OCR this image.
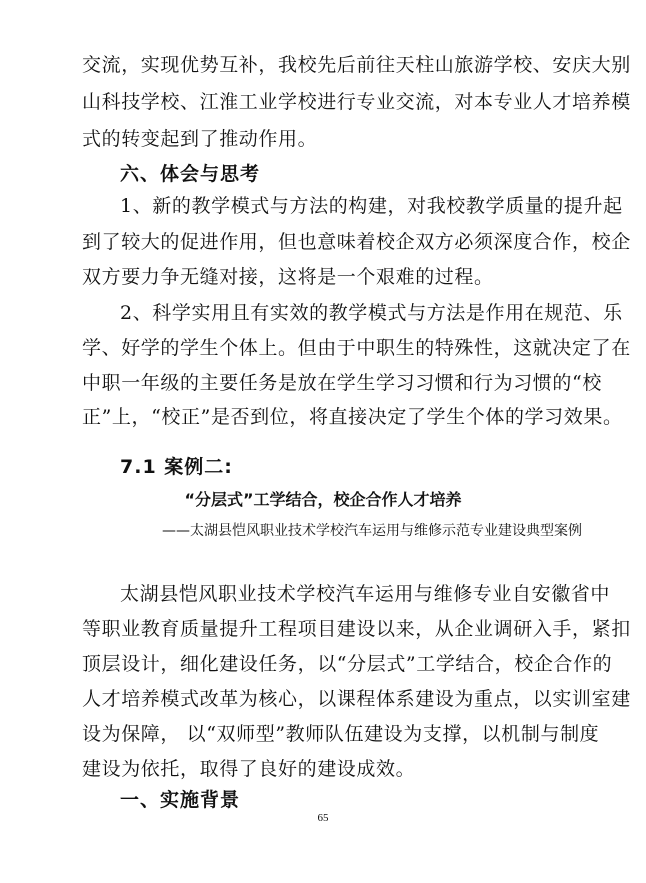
交流，实现优势互补，我校先后前往天柱山旅游学校、安庆大别
山科技学校、江淮工业学校进行专业交流，对本专业人才培养模
式的转变起到了推动作用。
六、体会与思考
1、新的教学模式与方法的构建，对我校教学质量的提升起
到了较大的促进作用，但也意味着校企双方必须深度合作，校企
双方要力争无缝对接，这将是一个艰难的过程。
2、科学实用且有实效的教学模式与方法是作用在规范、乐
学、好学的学生个体上。但由于中职生的特殊性，这就决定了在
中职一年级的主要任务是放在学生学习习惯和行为习惯的“校
正”上，“校正”是否到位，将直接决定了学生个体的学习效果。
7.1 案例二:
“分层式”工学结合，校企合作人才培养
——太湖县恺风职业技术学校汽车运用与维修示范专业建设典型案例
太湖县恺风职业技术学校汽车运用与维修专业自安徽省中
等职业教育质量提升工程项目建设以来，从企业调研入手，紧扣
顶层设计，细化建设任务，以“分层式”工学结合，校企合作的
人才培养模式改革为核心，以课程体系建设为重点，以实训室建
设为保障， 以“双师型”教师队伍建设为支撑，以机制与制度
建设为依托，取得了良好的建设成效。
一、实施背景
65
